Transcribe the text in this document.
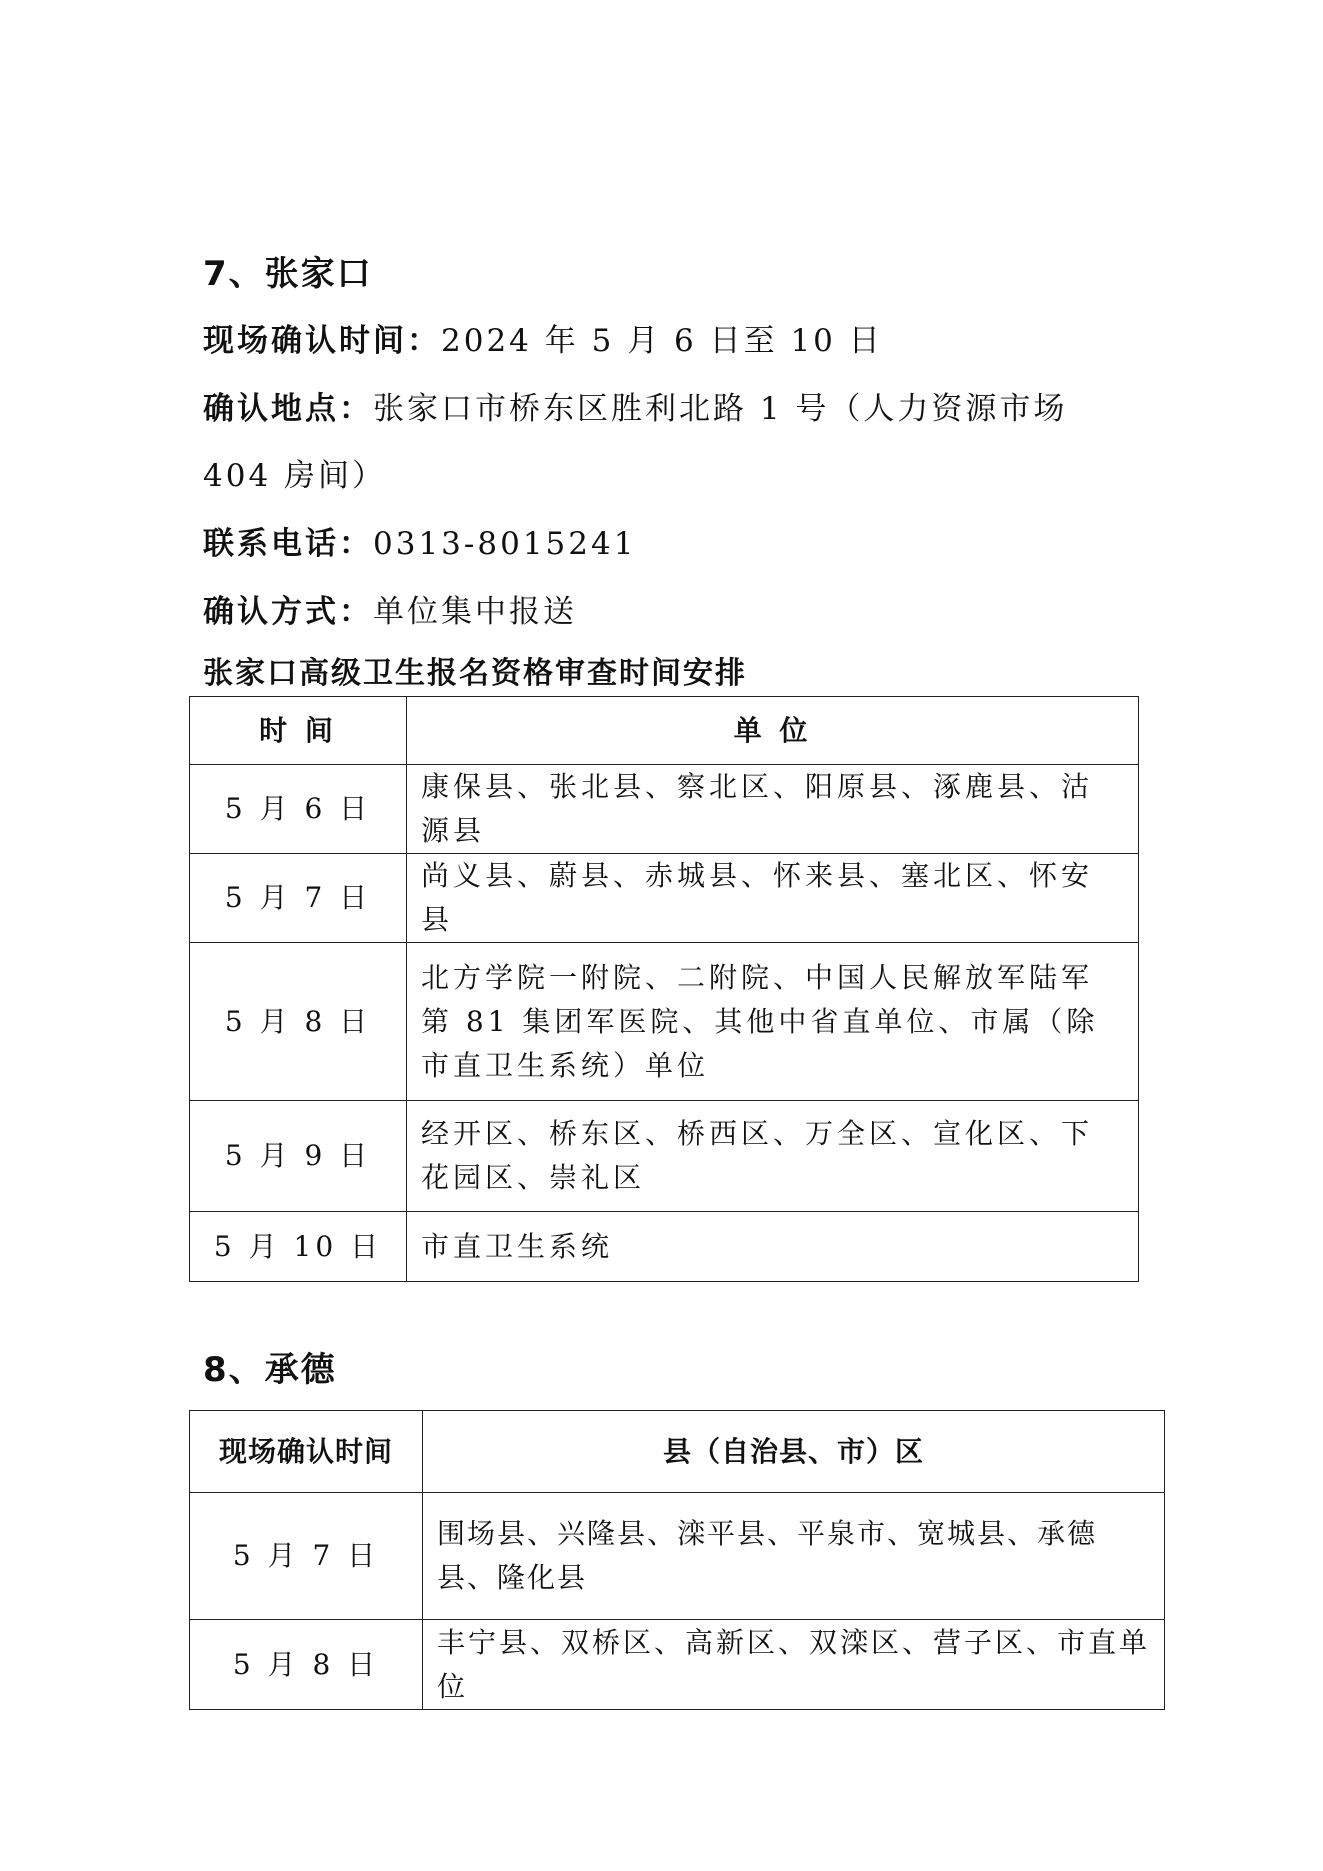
7、张家口
现场确认时间：2024 年 5 月 6 日至 10 日
确认地点：张家口市桥东区胜利北路 1 号（人力资源市场
404 房间）
联系电话：0313-8015241
确认方式：单位集中报送
张家口高级卫生报名资格审查时间安排
时 间	单 位
5 月 6 日	康保县、张北县、察北区、阳原县、涿鹿县、沽源县
5 月 7 日	尚义县、蔚县、赤城县、怀来县、塞北区、怀安县
5 月 8 日	北方学院一附院、二附院、中国人民解放军陆军第 81 集团军医院、其他中省直单位、市属（除市直卫生系统）单位
5 月 9 日	经开区、桥东区、桥西区、万全区、宣化区、下花园区、崇礼区
5 月 10 日	市直卫生系统
8、承德
现场确认时间	县（自治县、市）区
5 月 7 日	围场县、兴隆县、滦平县、平泉市、宽城县、承德县、隆化县
5 月 8 日	丰宁县、双桥区、高新区、双滦区、营子区、市直单位
